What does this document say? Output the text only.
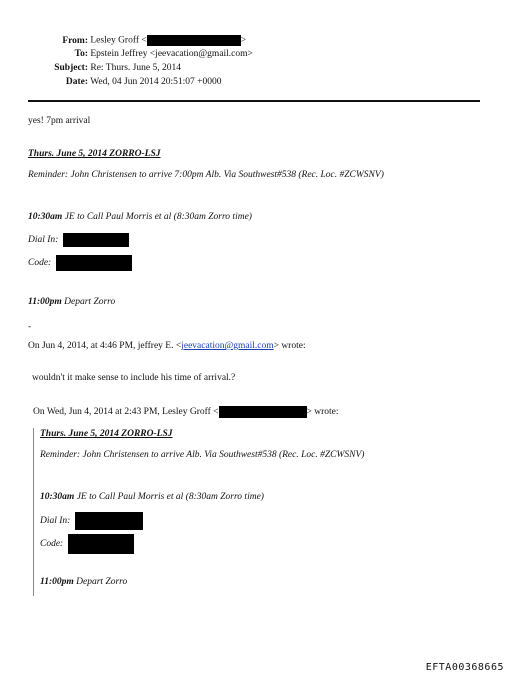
From: Lesley Groff <	>
To: Epstein Jeffrey <jeevacation@gmail.com>
Subject: Re: Thurs. June 5, 2014
Date: Wed, 04 Jun 2014 20:51:07 +0000
yes! 7pm arrival
Thurs. June 5, 2014 ZORRO-LSJ
Reminder: John Christensen to arrive 7:00pm Alb. Via Southwest#538 (Rec. Loc. #ZCWSNV)
10:30am JE to Call Paul Morris et al (8:30am Zorro time)
Dial In:
Code:
11:00pm Depart Zorro
-
On Jun 4, 2014, at 4:46 PM, jeffrey E. <jeevacation@gmail.com> wrote:
wouldn't it make sense to include his time of arrival.?
On Wed, Jun 4, 2014 at 2:43 PM, Lesley Groff <	> wrote:
Thurs. June 5, 2014 ZORRO-LSJ
Reminder: John Christensen to arrive Alb. Via Southwest#538 (Rec. Loc. #ZCWSNV)
10:30am JE to Call Paul Morris et al (8:30am Zorro time)
Dial In:
Code:
11:00pm Depart Zorro
EFTA00368665
